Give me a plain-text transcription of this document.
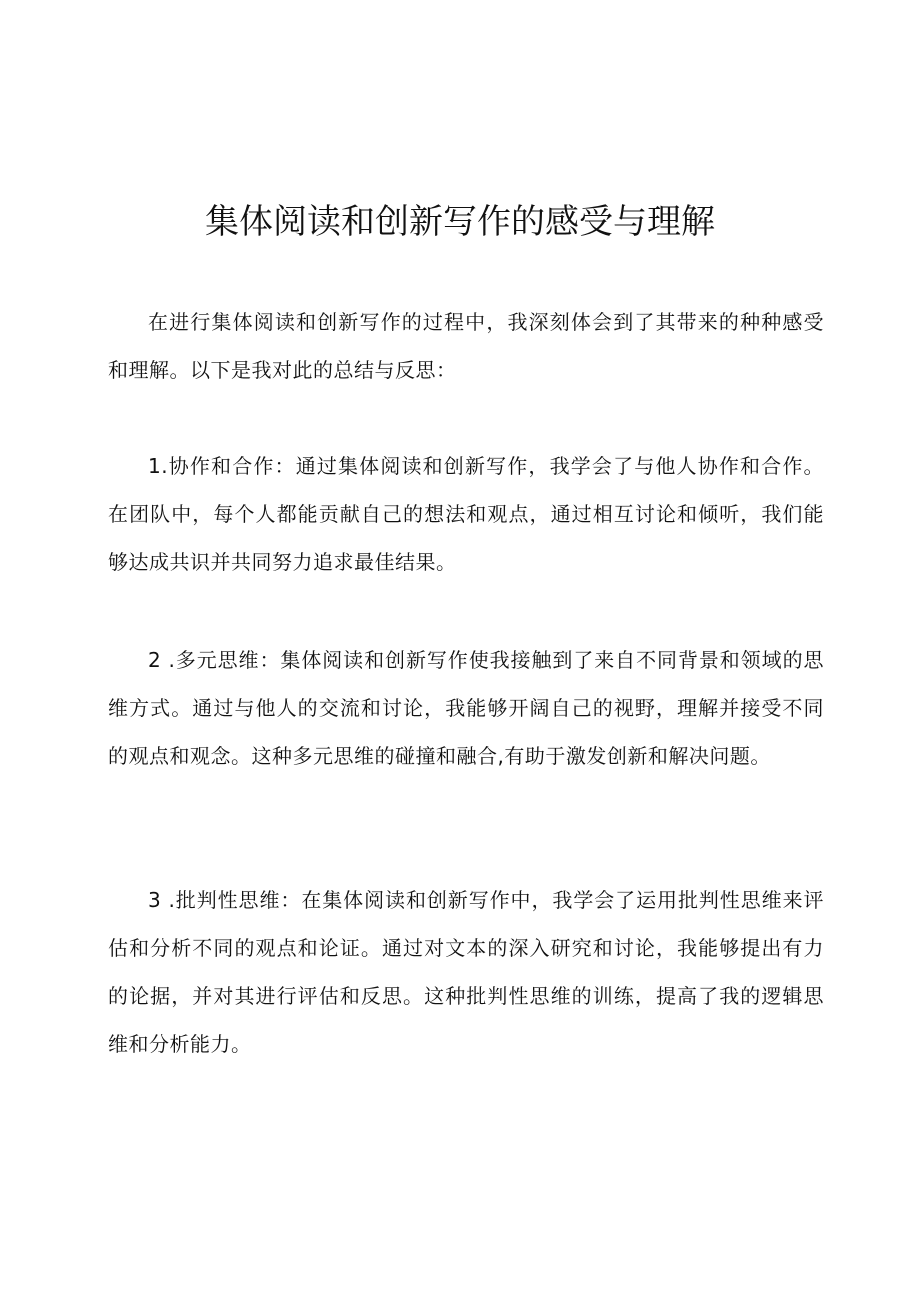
集体阅读和创新写作的感受与理解

在进行集体阅读和创新写作的过程中，我深刻体会到了其带来的种种感受和理解。以下是我对此的总结与反思：

1.协作和合作：通过集体阅读和创新写作，我学会了与他人协作和合作。在团队中，每个人都能贡献自己的想法和观点，通过相互讨论和倾听，我们能够达成共识并共同努力追求最佳结果。

2 .多元思维：集体阅读和创新写作使我接触到了来自不同背景和领域的思维方式。通过与他人的交流和讨论，我能够开阔自己的视野，理解并接受不同的观点和观念。这种多元思维的碰撞和融合,有助于激发创新和解决问题。

3 .批判性思维：在集体阅读和创新写作中，我学会了运用批判性思维来评估和分析不同的观点和论证。通过对文本的深入研究和讨论，我能够提出有力的论据，并对其进行评估和反思。这种批判性思维的训练，提高了我的逻辑思维和分析能力。
